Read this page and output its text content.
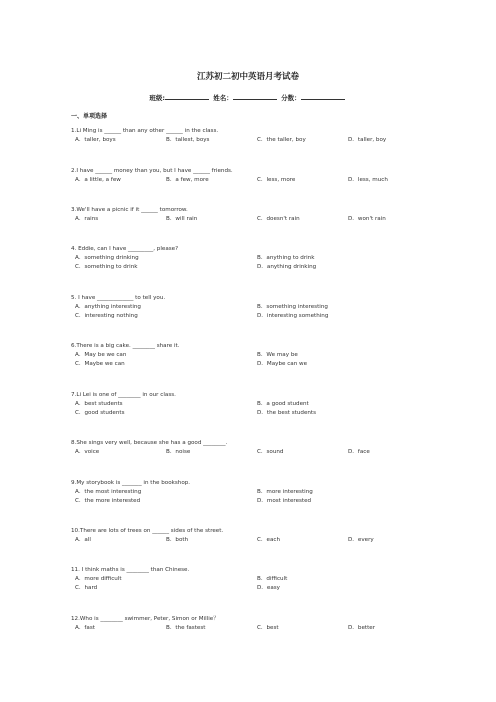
江苏初二初中英语月考试卷
班级:	姓名：	分数：
一、单项选择
1.Li Ming is ______ than any other ______ in the class.
A．taller, boys	B．tallest, boys	C．the taller, boy	D．taller, boy
2.I have ______ money than you, but I have ______ friends.
A．a little, a few	B．a few, more	C．less, more	D．less, much
3.We'll have a picnic if it ______ tomorrow.
A．rains	B．will rain	C．doesn't rain	D．won't rain
4. Eddie, can I have _________, please?
A．something drinking	B．anything to drink
C．something to drink	D．anything drinking
5. I have _____________ to tell you.
A．anything interesting	B．something interesting
C．interesting nothing	D．interesting something
6.There is a big cake. ________ share it.
A．May be we can	B．We may be
C．Maybe we can	D．Maybe can we
7.Li Lei is one of ________ in our class.
A．best students	B．a good student
C．good students	D．the best students
8.She sings very well, because she has a good ________.
A．voice	B．noise	C．sound	D．face
9.My storybook is _______ in the bookshop.
A．the most interesting	B．more interesting
C．the more interested	D．most interested
10.There are lots of trees on ______ sides of the street.
A．all	B．both	C．each	D．every
11. I think maths is ________ than Chinese.
A．more difficult	B．difficult
C．hard	D．easy
12.Who is ________ swimmer, Peter, Simon or Millie？
A．fast	B．the fastest	C．best	D．better
